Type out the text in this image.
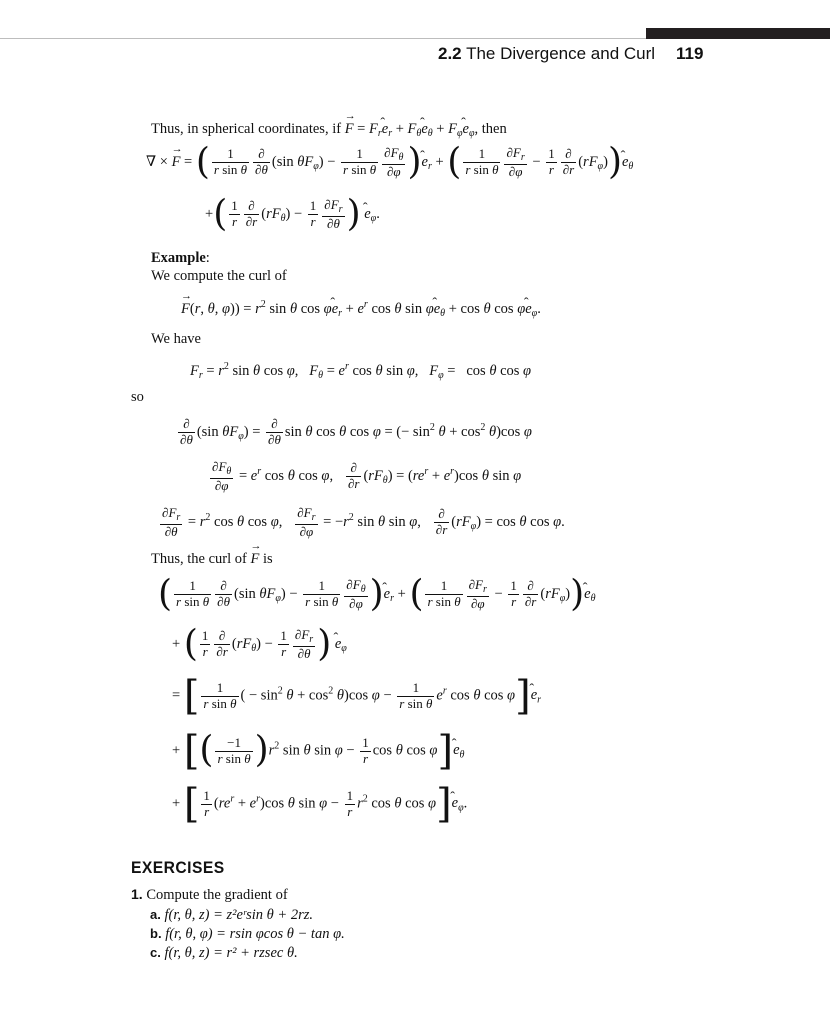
2.2 The Divergence and Curl 119
Thus, in spherical coordinates, if → $F = F_r̂$ $e_r$ + $F_\thetâ$ $e_\theta$ + $F_\varphî$ $e_\varphi$, then
∇ × → F = ( $\frac{1}{\text{r sin θ}} \frac{\partial}{\partial\theta} (\sin$ $\theta F_\varphi) - \frac{1}{\text{r sin θ}} \frac{\partial F_\theta}{\partial\varphi}$ )̂ $e_r$ + ( $\frac{1}{\text{r sin θ}} \frac{\partial F_r}{\partial\varphi} - \frac{1}{r} \frac{\partial}{\partial r}$ $(rF_\varphi))̂$ $e_\theta$
+( $\frac{1}{r} \frac{\partial}{\partial r} (rF_\theta) - \frac{1}{r} \frac{\partial F_r}{\partial\theta}$ ) ̂ $e_\varphi$.
Example:
We compute the curl of
→ F(r, θ, $\varphi)) = r^2$ sin θ cos φ̂ $e_r + e^r$ cos θ sin φ̂ $e_\theta + \cos \theta$ cos φ̂ $e_\varphi$.
We have
$F_r = r^2$ sin θ cos φ,   $F_\theta = e^r$ cos θ sin φ,   $F_\varphi = \cos \theta$ cos φ
so
$\frac{\partial}{\partial\theta} (\sin$ $\theta F_\varphi) = \frac{\partial}{\partial\theta}$ sin θ cos θ cos φ = (− $\sin^2 \theta + \cos^2 \theta)\cos$ φ
$\frac{\partial F_\theta}{\partial\varphi} = e^r$ cos θ cos φ, $\frac{\partial}{\partial r} (rF_\theta) = (re^r + e^r)\cos$ θ sin φ
$\frac{\partial F_r}{\partial\theta} = r^2$ cos θ cos φ, $\frac{\partial F_r}{\partial\varphi} = -r^2$ sin θ sin φ, $\frac{\partial}{\partial r} (rF_\varphi) = \cos \theta$ cos φ.
Thus, the curl of → F is
( $\frac{1}{\text{r sin θ}} \frac{\partial}{\partial\theta} (\sin$ $\theta F_\varphi) - \frac{1}{\text{r sin θ}} \frac{\partial F_\theta}{\partial\varphi}$ )̂ $e_r$ + ( $\frac{1}{\text{r sin θ}} \frac{\partial F_r}{\partial\varphi} - \frac{1}{r} \frac{\partial}{\partial r}$ $(rF_\varphi))̂$ $e_\theta$
+ ( $\frac{1}{r} \frac{\partial}{\partial r} (rF_\theta) - \frac{1}{r} \frac{\partial F_r}{\partial\theta}$ ) ̂ $e_\varphi$
= [ $\frac{1}{\text{r sin θ}}$ ( − $\sin^2 \theta + \cos^2 \theta)\cos$ $\varphi - \frac{1}{\text{r sin θ}} e^r$ cos θ cos φ]̂ $e_r$
+ [( $\frac{-1}{\text{r sin θ}} )r^2$ sin θ $\sin \varphi - \frac{1}{r}$ cos θ cos φ]̂ $e_\theta$
+ [ $\frac{1}{r} (re^r + e^r)\cos$ θ $\sin \varphi - \frac{1}{r} r^2$ cos θ cos φ]̂ $e_\varphi$.
EXERCISES
1. Compute the gradient of
a. f(r, θ, z) = z²eʳsin θ + 2rz.
b. f(r, θ, φ) = rsin φcos θ − tan φ.
c. f(r, θ, z) = r² + rzsec θ.
